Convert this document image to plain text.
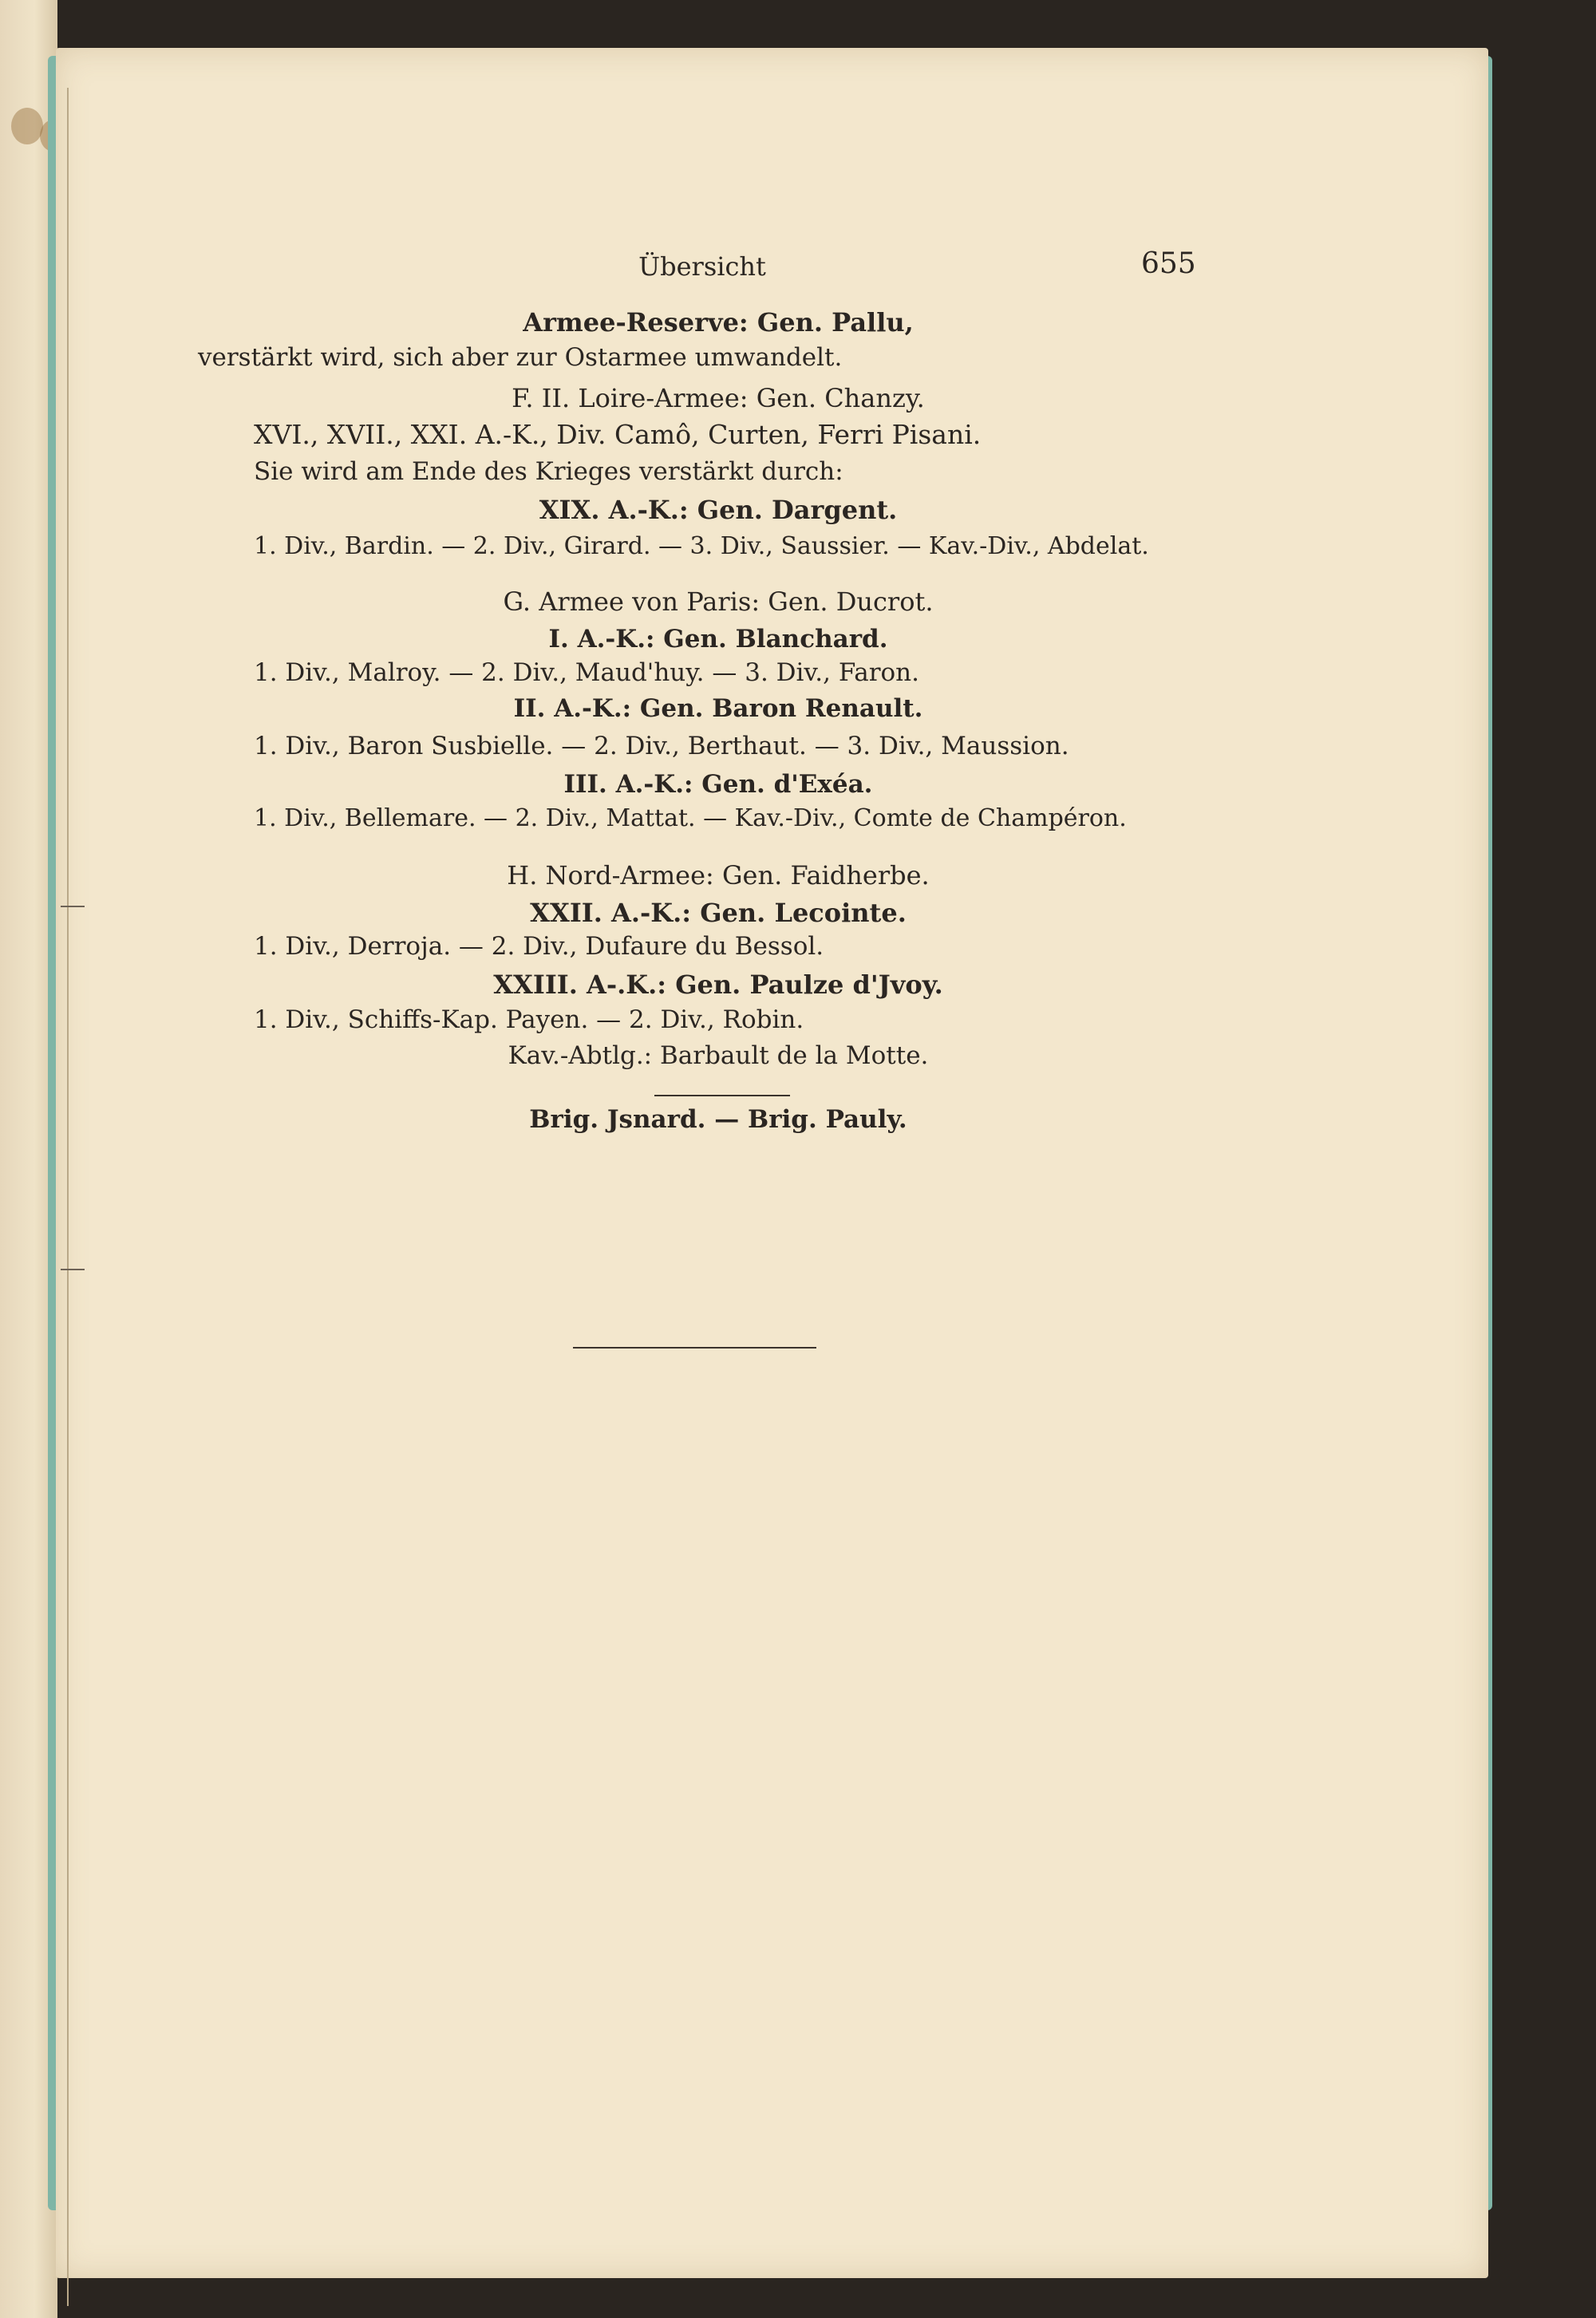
Übersicht	655
Armee-Reserve: Gen. Pallu,
verstärkt wird, sich aber zur Ostarmee umwandelt.
F. II. Loire-Armee: Gen. Chanzy.
XVI., XVII., XXI. A.-K., Div. Camô, Curten, Ferri Pisani.
Sie wird am Ende des Krieges verstärkt durch:
XIX. A.-K.: Gen. Dargent.
1. Div., Bardin. — 2. Div., Girard. — 3. Div., Saussier. — Kav.-Div., Abdelat.
G. Armee von Paris: Gen. Ducrot.
I. A.-K.: Gen. Blanchard.
1. Div., Malroy. — 2. Div., Maud'huy. — 3. Div., Faron.
II. A.-K.: Gen. Baron Renault.
1. Div., Baron Susbielle. — 2. Div., Berthaut. — 3. Div., Maussion.
III. A.-K.: Gen. d'Exéa.
1. Div., Bellemare. — 2. Div., Mattat. — Kav.-Div., Comte de Champéron.
H. Nord-Armee: Gen. Faidherbe.
XXII. A.-K.: Gen. Lecointe.
1. Div., Derroja. — 2. Div., Dufaure du Bessol.
XXIII. A-.K.: Gen. Paulze d'Jvoy.
1. Div., Schiffs-Kap. Payen. — 2. Div., Robin.
Kav.-Abtlg.: Barbault de la Motte.
Brig. Jsnard. — Brig. Pauly.
